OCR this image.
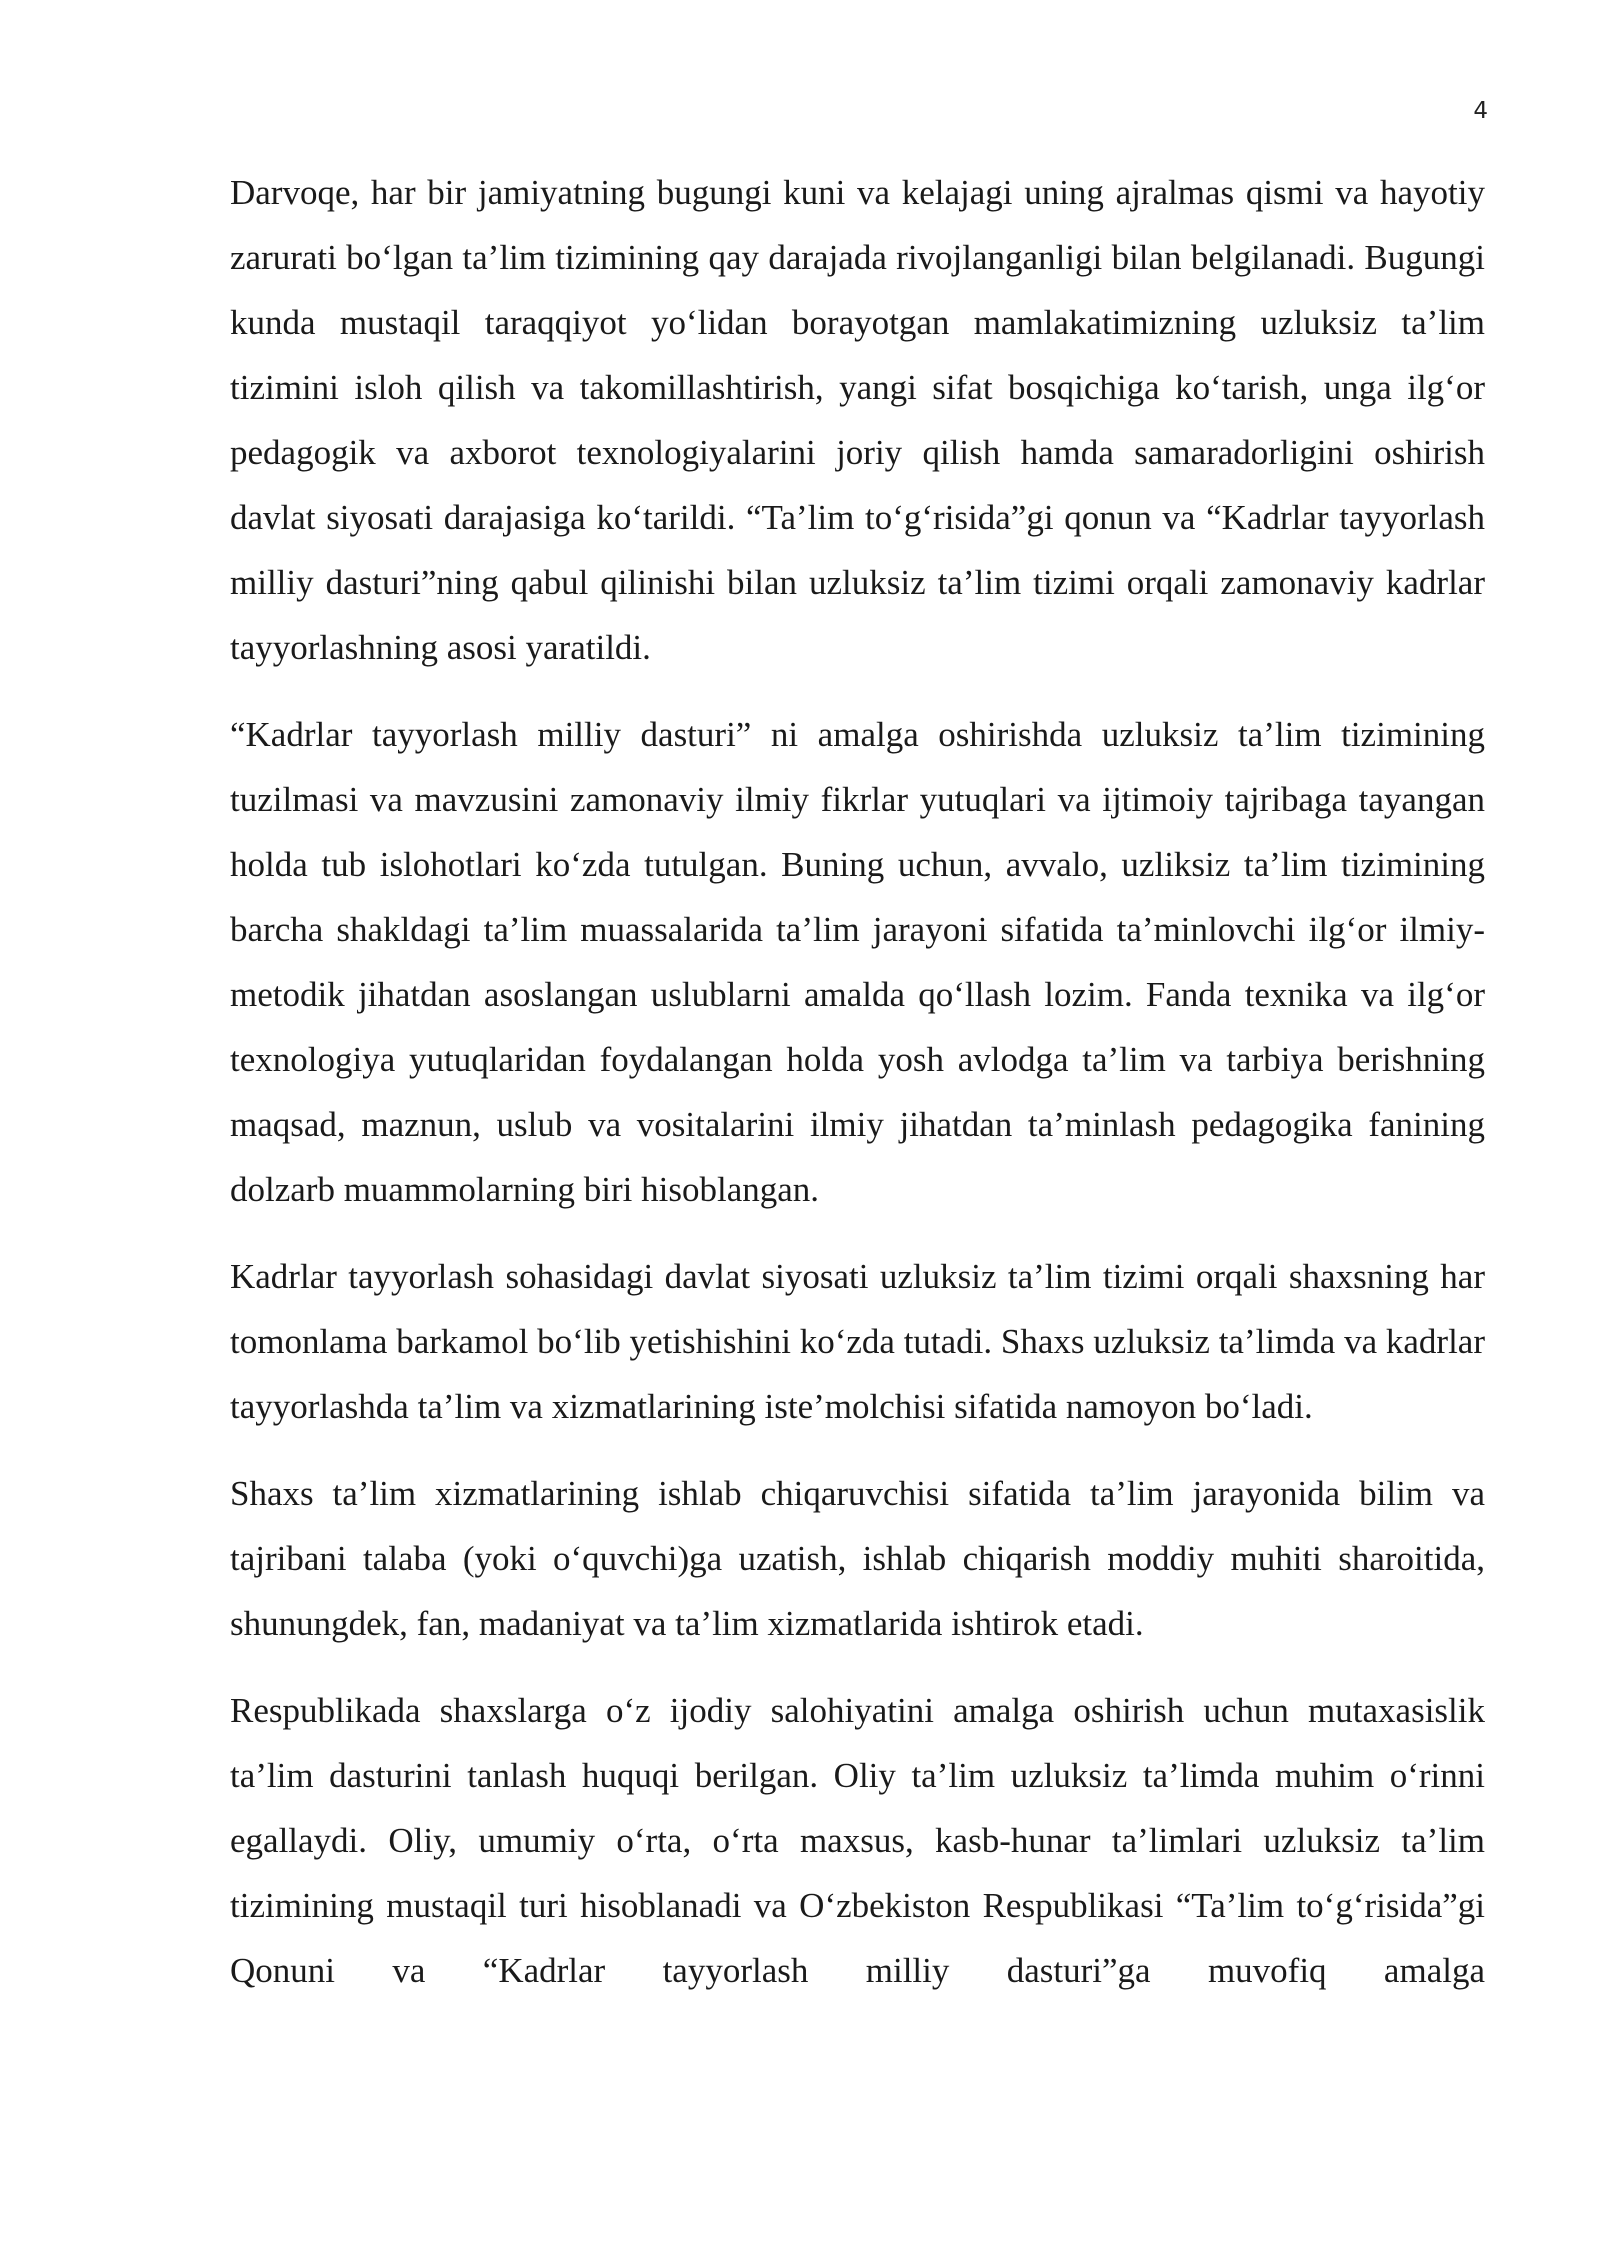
4

Darvoqe, har bir jamiyatning bugungi kuni va kelajagi uning ajralmas qismi va hayotiy zarurati bo‘lgan ta’lim tizimining qay darajada rivojlanganligi bilan belgilanadi. Bugungi kunda mustaqil taraqqiyot yo‘lidan borayotgan mamlakatimizning uzluksiz ta’lim tizimini isloh qilish va takomillashtirish, yangi sifat bosqichiga ko‘tarish, unga ilg‘or pedagogik va axborot texnologiyalarini joriy qilish hamda samaradorligini oshirish davlat siyosati darajasiga ko‘tarildi. “Ta’lim to‘g‘risida”gi qonun va “Kadrlar tayyorlash milliy dasturi”ning qabul qilinishi bilan uzluksiz ta’lim tizimi orqali zamonaviy kadrlar tayyorlashning asosi yaratildi.

“Kadrlar tayyorlash milliy dasturi” ni amalga oshirishda uzluksiz ta’lim tizimining tuzilmasi va mavzusini zamonaviy ilmiy fikrlar yutuqlari va ijtimoiy tajribaga tayangan holda tub islohotlari ko‘zda tutulgan. Buning uchun, avvalo, uzliksiz ta’lim tizimining barcha shakldagi ta’lim muassalarida ta’lim jarayoni sifatida ta’minlovchi ilg‘or ilmiy-metodik jihatdan asoslangan uslublarni amalda qo‘llash lozim. Fanda texnika va ilg‘or texnologiya yutuqlaridan foydalangan holda yosh avlodga ta’lim va tarbiya berishning maqsad, maznun, uslub va vositalarini ilmiy jihatdan ta’minlash pedagogika fanining dolzarb muammolarning biri hisoblangan.

Kadrlar tayyorlash sohasidagi davlat siyosati uzluksiz ta’lim tizimi orqali shaxsning har tomonlama barkamol bo‘lib yetishishini ko‘zda tutadi. Shaxs uzluksiz ta’limda va kadrlar tayyorlashda ta’lim va xizmatlarining iste’molchisi sifatida namoyon bo‘ladi.

Shaxs ta’lim xizmatlarining ishlab chiqaruvchisi sifatida ta’lim jarayonida bilim va tajribani talaba (yoki o‘quvchi)ga uzatish, ishlab chiqarish moddiy muhiti sharoitida, shunungdek, fan, madaniyat va ta’lim xizmatlarida ishtirok etadi.

Respublikada shaxslarga o‘z ijodiy salohiyatini amalga oshirish uchun mutaxasislik ta’lim dasturini tanlash huquqi berilgan. Oliy ta’lim uzluksiz ta’limda muhim o‘rinni egallaydi. Oliy, umumiy o‘rta, o‘rta maxsus, kasb-hunar ta’limlari uzluksiz ta’lim tizimining mustaqil turi hisoblanadi va O‘zbekiston Respublikasi “Ta’lim to‘g‘risida”gi Qonuni va “Kadrlar tayyorlash milliy dasturi”ga muvofiq amalga
